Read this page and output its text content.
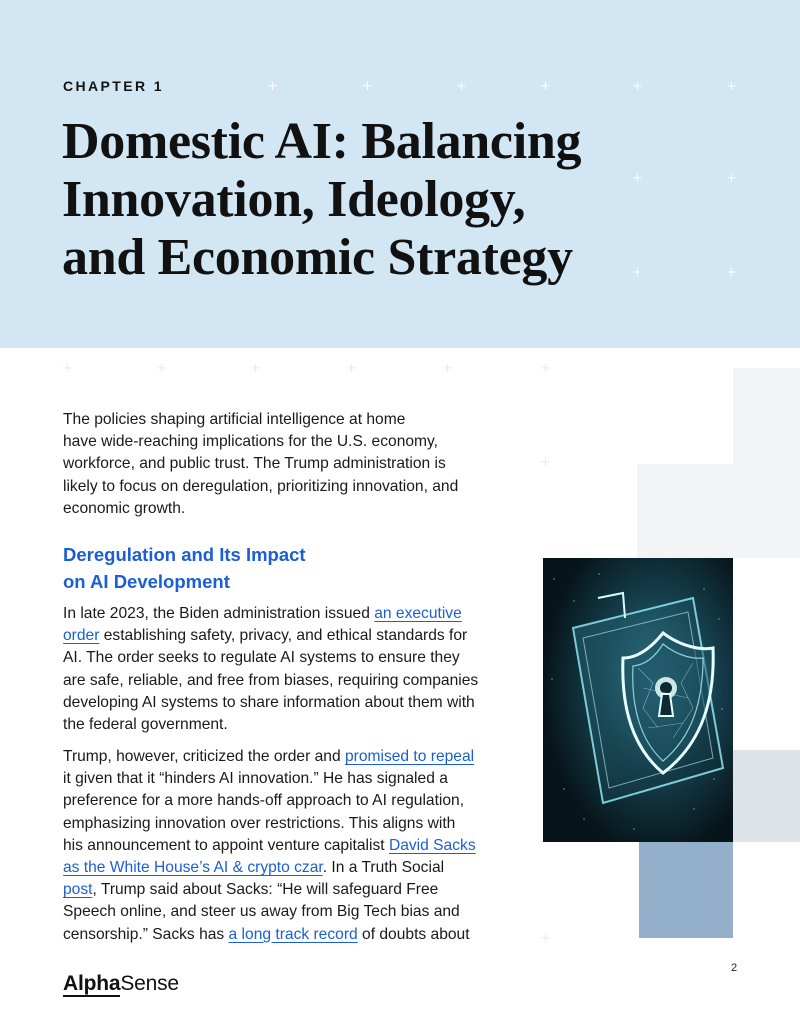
+	+	+	+	+	+
+	+
+	+
CHAPTER 1
Domestic AI: Balancing
Innovation, Ideology,
and Economic Strategy
+	+	+	+	+	+
+
+

The policies shaping artificial intelligence at home
have wide-reaching implications for the U.S. economy,
workforce, and public trust. The Trump administration is
likely to focus on deregulation, prioritizing innovation, and
economic growth.

Deregulation and Its Impact
on AI Development

In late 2023, the Biden administration issued an executive
order establishing safety, privacy, and ethical standards for
AI. The order seeks to regulate AI systems to ensure they
are safe, reliable, and free from biases, requiring companies
developing AI systems to share information about them with
the federal government.

Trump, however, criticized the order and promised to repeal
it given that it “hinders AI innovation.” He has signaled a
preference for a more hands-off approach to AI regulation,
emphasizing innovation over restrictions. This aligns with
his announcement to appoint venture capitalist David Sacks
as the White House’s AI & crypto czar. In a Truth Social
post, Trump said about Sacks: “He will safeguard Free
Speech online, and steer us away from Big Tech bias and
censorship.” Sacks has a long track record of doubts about

2
AlphaSense
